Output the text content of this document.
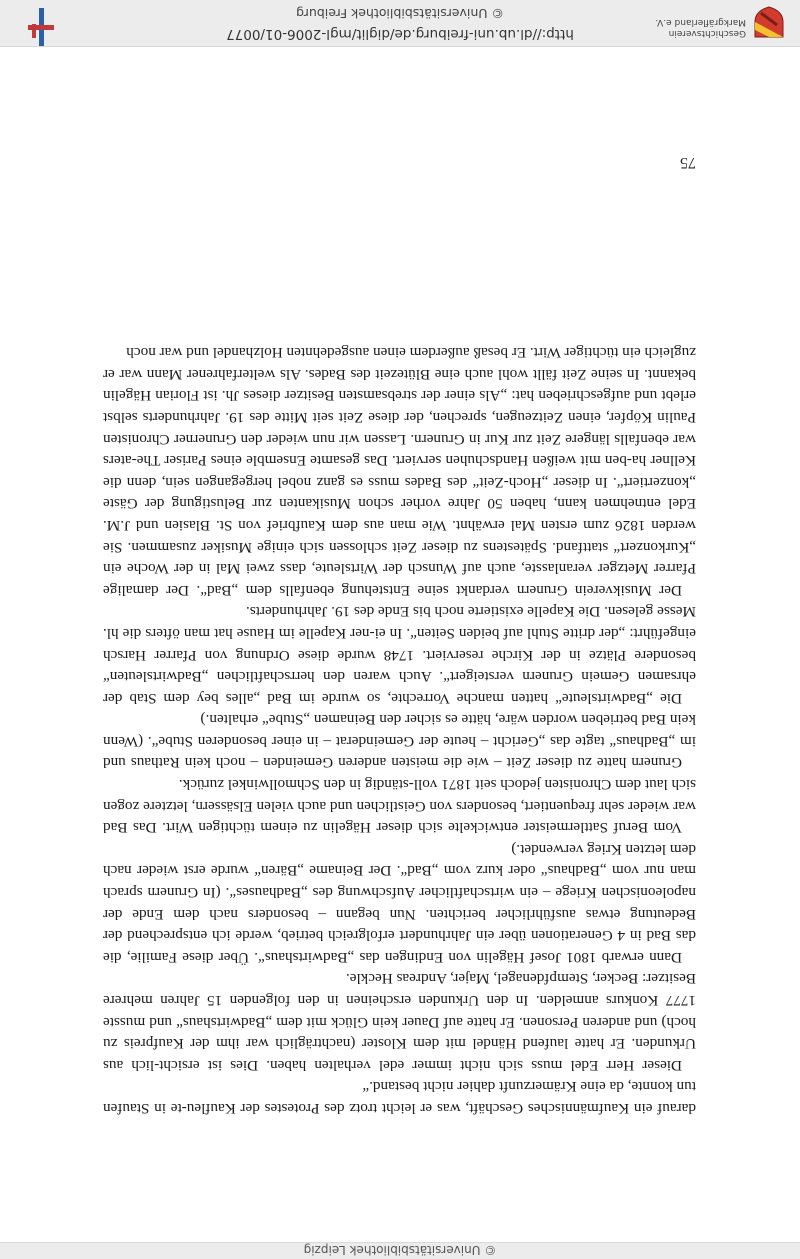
© Universitätsbibliothek Leipzig

darauf ein Kaufmännisches Geschäft, was er leicht trotz des Protestes der Kaufleu-te in Staufen tun konnte, da eine Krämerzunft dahier nicht bestand.“

Dieser Herr Edel muss sich nicht immer edel verhalten haben. Dies ist ersicht-lich aus Urkunden. Er hatte laufend Händel mit dem Kloster (nachträglich war ihm der Kaufpreis zu hoch) und anderen Personen. Er hatte auf Dauer kein Glück mit dem „Badwirtshaus“ und musste 1777 Konkurs anmelden. In den Urkunden erscheinen in den folgenden 15 Jahren mehrere Besitzer: Becker, Stempfdenagel, Majer, Andreas Heckle.

Dann erwarb 1801 Josef Hägelin von Endingen das „Badwirtshaus“. Über diese Familie, die das Bad in 4 Generationen über ein Jahrhundert erfolgreich betrieb, werde ich entsprechend der Bedeutung etwas ausführlicher berichten. Nun begann – besonders nach dem Ende der napoleonischen Kriege – ein wirtschaftlicher Aufschwung des „Badhauses“. (In Grunern sprach man nur vom „Badhaus“ oder kurz vom „Bad“. Der Beiname „Bären“ wurde erst wieder nach dem letzten Krieg verwendet.)

Vom Beruf Sattlermeister entwickelte sich dieser Hägelin zu einem tüchtigen Wirt. Das Bad war wieder sehr frequentiert, besonders von Geistlichen und auch vielen Elsässern, letztere zogen sich laut dem Chronisten jedoch seit 1871 voll-ständig in den Schmollwinkel zurück.

Grunern hatte zu dieser Zeit – wie die meisten anderen Gemeinden – noch kein Rathaus und im „Badhaus“ tagte das „Gericht – heute der Gemeinderat – in einer besonderen Stube“. (Wenn kein Bad betrieben worden wäre, hätte es sicher den Beinamen „Stube“ erhalten.)

Die „Badwirtsleute“ hatten manche Vorrechte, so wurde im Bad „alles bey dem Stab der ehrsamen Gemein Grunern versteigert“. Auch waren den herrschaftlichen „Badwirtsleuten“ besondere Plätze in der Kirche reserviert. 1748 wurde diese Ordnung von Pfarrer Harsch eingeführt: „der dritte Stuhl auf beiden Seiten“. In ei-ner Kapelle im Hause hat man öfters die hl. Messe gelesen. Die Kapelle existierte noch bis Ende des 19. Jahrhunderts.

Der Musikverein Grunern verdankt seine Entstehung ebenfalls dem „Bad“. Der damalige Pfarrer Metzger veranlasste, auch auf Wunsch der Wirtsleute, dass zwei Mal in der Woche ein „Kurkonzert“ stattfand. Spätestens zu dieser Zeit schlossen sich einige Musiker zusammen. Sie werden 1826 zum ersten Mal erwähnt. Wie man aus dem Kaufbrief von St. Blasien und J.M. Edel entnehmen kann, haben 50 Jahre vorher schon Musikanten zur Belustigung der Gäste „konzertiert“. In dieser „Hoch-Zeit“ des Bades muss es ganz nobel hergegangen sein, denn die Kellner ha-ben mit weißen Handschuhen serviert. Das gesamte Ensemble eines Pariser The-aters war ebenfalls längere Zeit zur Kur in Grunern. Lassen wir nun wieder den Grunerner Chronisten Paulin Köpfer, einen Zeitzeugen, sprechen, der diese Zeit seit Mitte des 19. Jahrhunderts selbst erlebt und aufgeschrieben hat: „Als einer der strebsamsten Besitzer dieses Jh. ist Florian Hägelin bekannt. In seine Zeit fällt wohl auch eine Blütezeit des Bades. Als welterfahrener Mann war er zugleich ein tüchtiger Wirt. Er besaß außerdem einen ausgedehnten Holzhandel und war noch

75
Geschichtsverein Markgräflerland e.V.
http://dl.ub.uni-freiburg.de/diglit/mgl-2006-01/0077
© Universitätsbibliothek Freiburg
